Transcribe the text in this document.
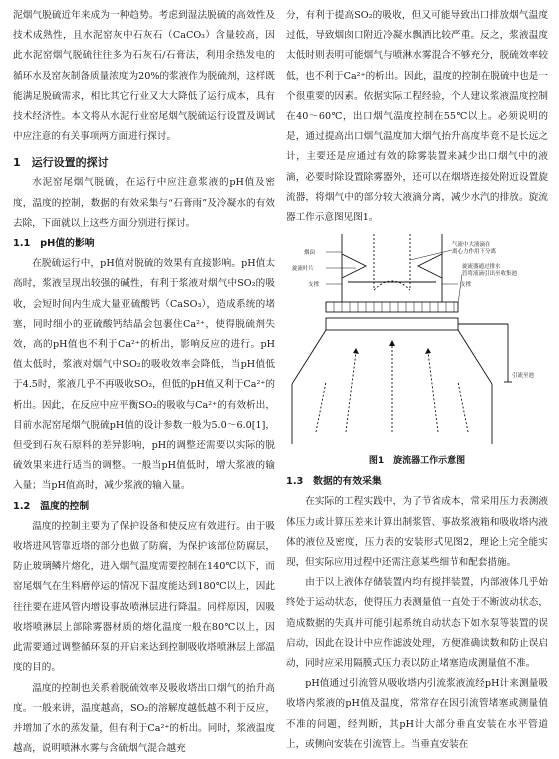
泥烟气脱硫近年来成为一种趋势。考虑到湿法脱硫的高效性及技术成熟性，且水泥窑灰中石灰石（CaCO₃）含量较高，因此水泥窑烟气脱硫往往多为石灰石/石膏法，利用余热发电的循环水及窑灰制备质量浓度为20%的浆液作为脱硫剂，这样既能满足脱硫需求，相比其它行业又大大降低了运行成本，具有技术经济性。本文将从水泥行业窑尾烟气脱硫运行设置及调试中应注意的有关事项两方面进行探讨。

1　运行设置的探讨

水泥窑尾烟气脱硫，在运行中应注意浆液的pH值及密度，温度的控制，数据的有效采集与“石膏雨”及冷凝水的有效去除，下面就以上这些方面分别进行探讨。

1.1　pH值的影响

在脱硫运行中，pH值对脱硫的效果有直接影响。pH值太高时，浆液呈现出较强的碱性，有利于浆液对烟气中SO₂的吸收，会短时间内生成大量亚硫酸钙（CaSO₃），造成系统的堵塞，同时细小的亚硫酸钙结晶会包裹住Ca²⁺，使得脱硫剂失效，高的pH值也不利于Ca²⁺的析出，影响反应的进行。pH值太低时，浆液对烟气中SO₂的吸收效率会降低，当pH值低于4.5时，浆液几乎不再吸收SO₂，但低的pH值又利于Ca²⁺的析出。因此，在反应中应平衡SO₂的吸收与Ca²⁺的有效析出，目前水泥窑尾烟气脱硫pH值的设计参数一般为5.0～6.0[1]，但受到石灰石原料的差异影响，pH的调整还需要以实际的脱硫效果来进行适当的调整。一般当pH值低时，增大浆液的输入量；当pH值高时，减少浆液的输入量。

1.2　温度的控制

温度的控制主要为了保护设备和使反应有效进行。由于吸收塔进风管靠近塔的部分也做了防腐，为保护该部位防腐层，防止玻璃鳞片熔化，进入烟气温度需要控制在140℃以下，而窑尾烟气在生料磨停运的情况下温度能达到180℃以上，因此往往要在进风管内增设事故喷淋层进行降温。同样原因，因吸收塔喷淋层上部除雾器材质的熔化温度一般在80℃以上，因此需要通过调整循环泵的开启来达到控制吸收塔喷淋层上部温度的目的。

温度的控制也关系着脱硫效率及吸收塔出口烟气的抬升高度。一般来讲，温度越高，SO₂的溶解度越低越不利于反应，并增加了水的蒸发量，但有利于Ca²⁺的析出。同时，浆液温度越高，说明喷淋水雾与含硫烟气混合越充

分，有利于提高SO₂的吸收，但又可能导致出口排放烟气温度过低，导致烟囱口附近冷凝水飘洒比较严重。反之，浆液温度太低时则表明可能烟气与喷淋水雾混合不够充分，脱硫效率较低，也不利于Ca²⁺的析出。因此，温度的控制在脱硫中也是一个很重要的因素。依据实际工程经验，个人建议浆液温度控制在40～60℃，出口烟气温度控制在55℃以上。必须说明的是，通过提高出口烟气温度加大烟气抬升高度毕竟不是长远之计，主要还是应通过有效的除雾装置来减少出口烟气中的液滴，必要时除设置除雾器外，还可以在烟塔连接处附近设置旋流器，将烟气中的部分较大液滴分离，减少水汽的排放。旋流器工作示意图见图1。

烟囱
旋流叶片
支撑	支撑
气流中大液滴在 离心力作用下分离
旋流器通过排水 管将液滴引出至收集池
引流至池
图1　旋流器工作示意图
1.3　数据的有效采集

在实际的工程实践中，为了节省成本，常采用压力表测液体压力或计算压差来计算出制浆管、事故浆液箱和吸收塔内液体的液位及密度，压力表的安装形式见图2，理论上完全能实现，但实际应用过程中还需注意某些细节和配套措施。

由于以上液体存储装置内均有搅拌装置，内部液体几乎始终处于运动状态，使得压力表测量值一直处于不断波动状态，造成数据的失真并可能引起系统自动状态下如水泵等装置的误启动，因此在设计中应作滤波处理，方便准确读数和防止误启动，同时应采用隔膜式压力表以防止堵塞造成测量值不准。

pH值通过引流管从吸收塔内引流浆液流经pH计来测量吸收塔内浆液的pH值及温度，常常存在因引流管堵塞或测量值不准的问题，经判断，其pH计大部分垂直安装在水平管道上，或侧向安装在引流管上。当垂直安装在
